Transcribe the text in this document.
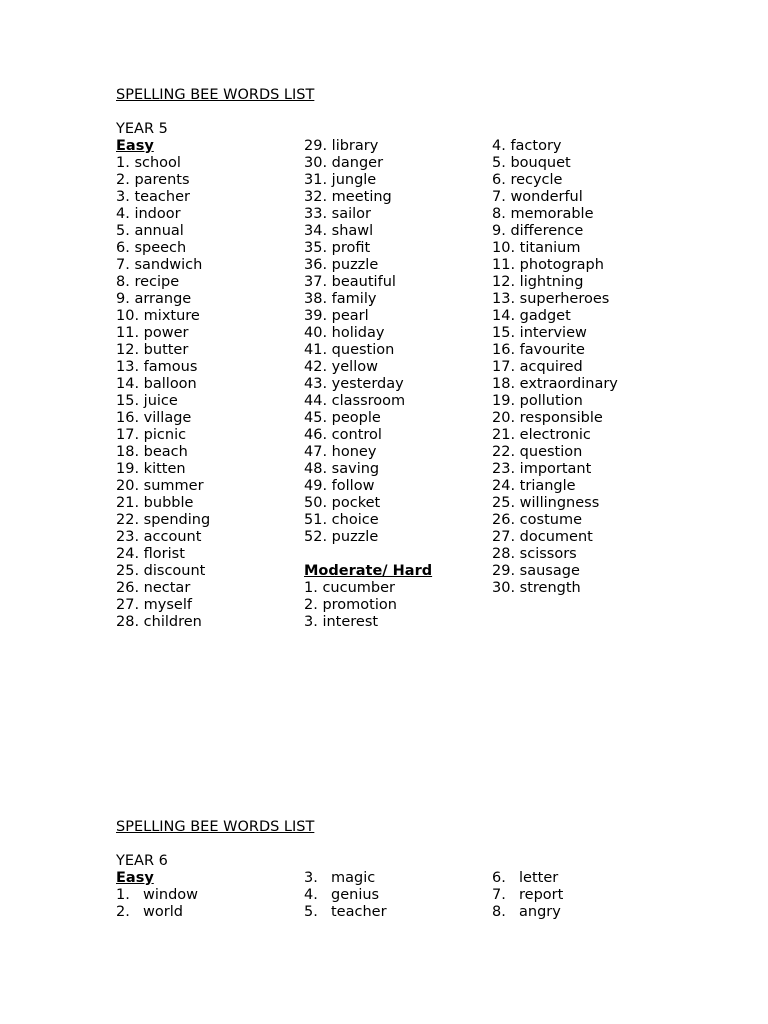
SPELLING BEE WORDS LIST
YEAR 5
Easy
1. school
2. parents
3. teacher
4. indoor
5. annual
6. speech
7. sandwich
8. recipe
9. arrange
10. mixture
11. power
12. butter
13. famous
14. balloon
15. juice
16. village
17. picnic
18. beach
19. kitten
20. summer
21. bubble
22. spending
23. account
24. florist
25. discount
26. nectar
27. myself
28. children
29. library
30. danger
31. jungle
32. meeting
33. sailor
34. shawl
35. profit
36. puzzle
37. beautiful
38. family
39. pearl
40. holiday
41. question
42. yellow
43. yesterday
44. classroom
45. people
46. control
47. honey
48. saving
49. follow
50. pocket
51. choice
52. puzzle
Moderate/ Hard
1. cucumber
2. promotion
3. interest
4. factory
5. bouquet
6. recycle
7. wonderful
8. memorable
9. difference
10. titanium
11. photograph
12. lightning
13. superheroes
14. gadget
15. interview
16. favourite
17. acquired
18. extraordinary
19. pollution
20. responsible
21. electronic
22. question
23. important
24. triangle
25. willingness
26. costume
27. document
28. scissors
29. sausage
30. strength
SPELLING BEE WORDS LIST
YEAR 6
Easy
1. window
2. world
3. magic
4. genius
5. teacher
6. letter
7. report
8. angry
